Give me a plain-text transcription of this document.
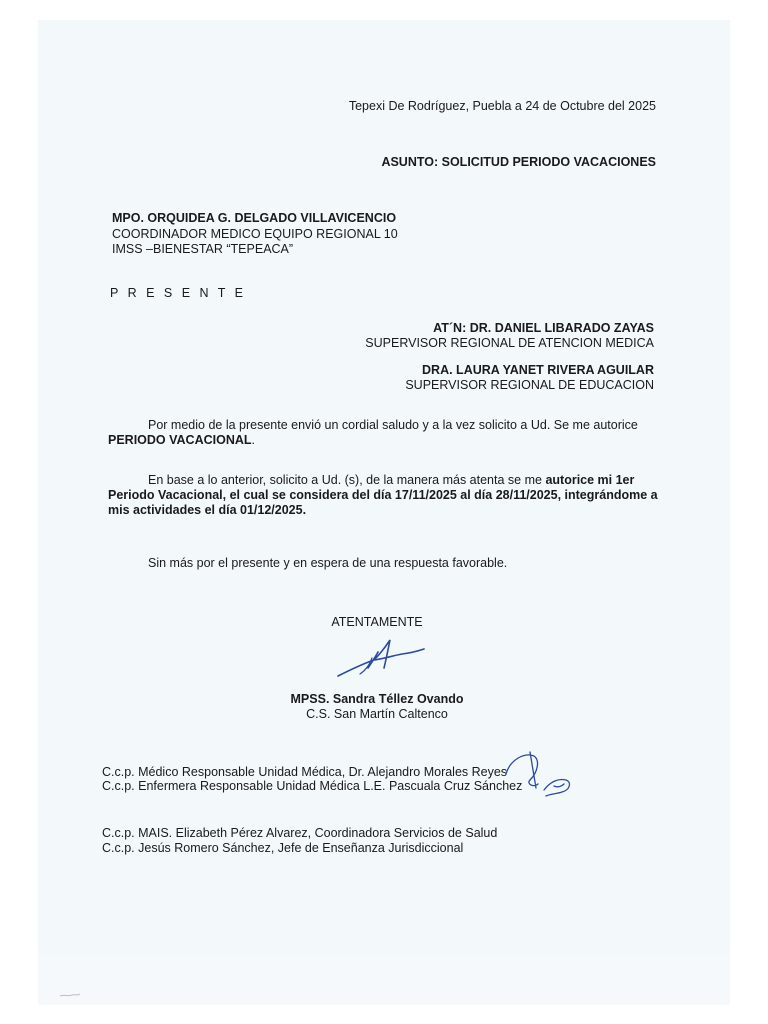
Tepexi De Rodríguez, Puebla a 24 de Octubre del 2025
ASUNTO: SOLICITUD PERIODO VACACIONES
MPO. ORQUIDEA G. DELGADO VILLAVICENCIO
COORDINADOR MEDICO EQUIPO REGIONAL 10
IMSS –BIENESTAR “TEPEACA”
P R E S E N T E
AT´N: DR. DANIEL LIBARADO ZAYAS
SUPERVISOR REGIONAL DE ATENCION MEDICA
DRA. LAURA YANET RIVERA AGUILAR
SUPERVISOR REGIONAL DE EDUCACION
Por medio de la presente envió un cordial saludo y a la vez solicito a Ud. Se me autorice PERIODO VACACIONAL.
En base a lo anterior, solicito a Ud. (s), de la manera más atenta se me autorice mi 1er Periodo Vacacional, el cual se considera del día 17/11/2025 al día 28/11/2025, integrándome a mis actividades el día 01/12/2025.
Sin más por el presente y en espera de una respuesta favorable.
ATENTAMENTE
MPSS. Sandra Téllez Ovando
C.S. San Martín Caltenco
C.c.p. Médico Responsable Unidad Médica, Dr. Alejandro Morales Reyes
C.c.p. Enfermera Responsable Unidad Médica L.E. Pascuala Cruz Sánchez
C.c.p. MAIS. Elizabeth Pérez Alvarez, Coordinadora Servicios de Salud
C.c.p. Jesús Romero Sánchez, Jefe de Enseñanza Jurisdiccional
